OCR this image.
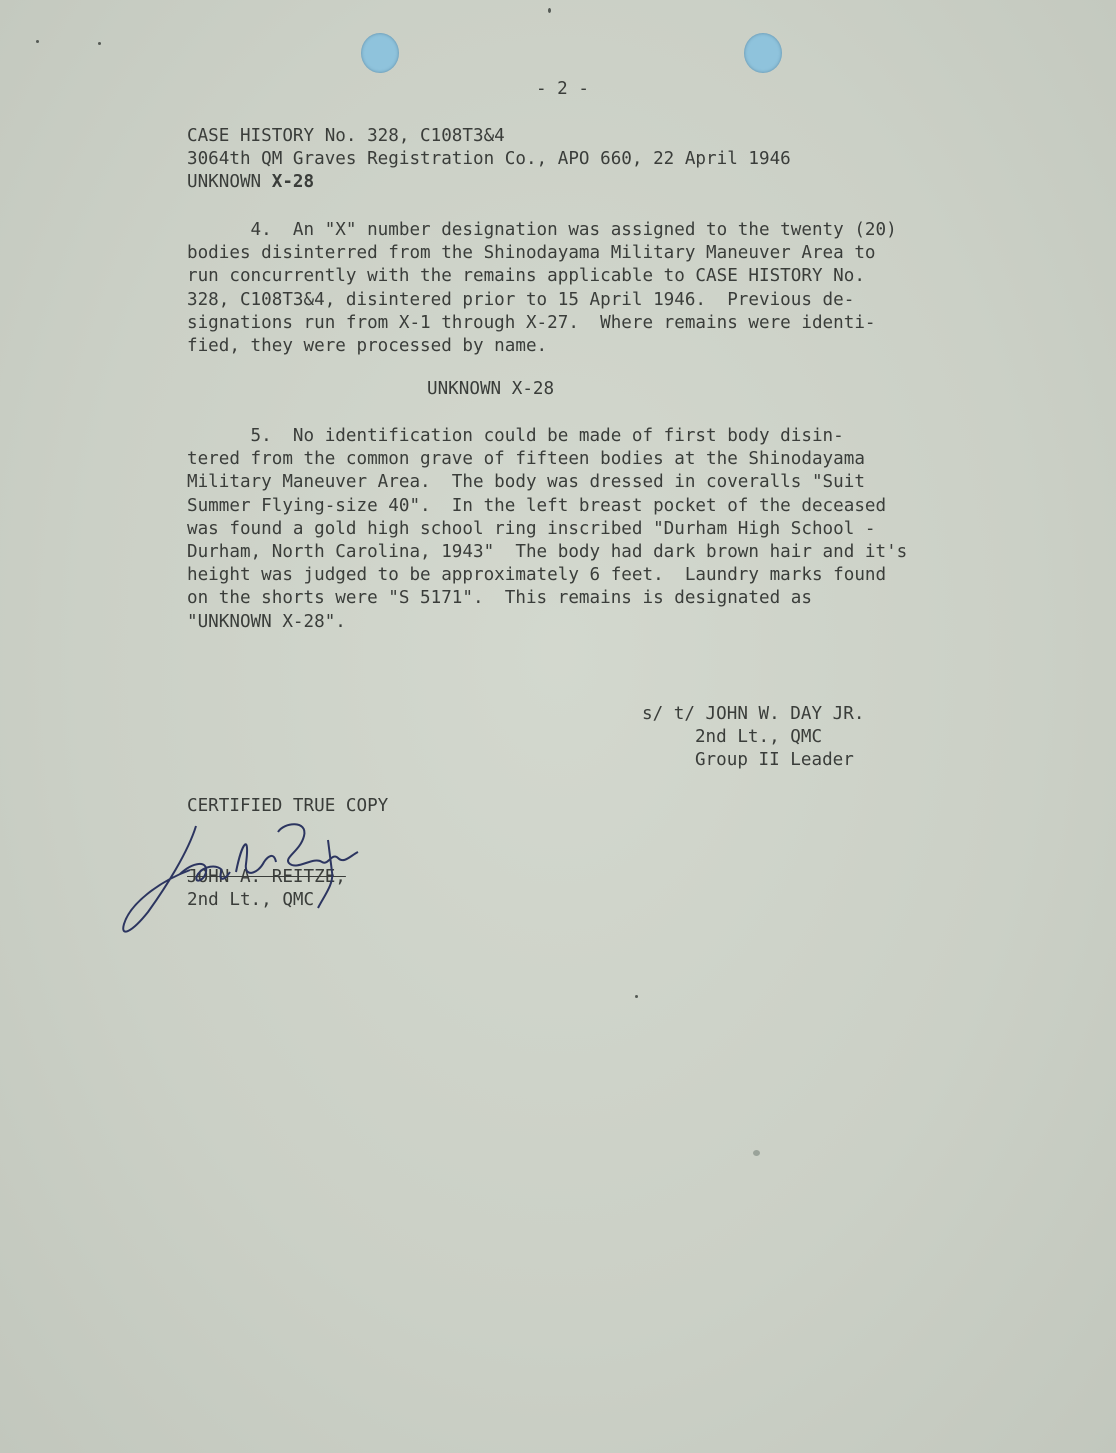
- 2 -
CASE HISTORY No. 328, C108T3&4
3064th QM Graves Registration Co., APO 660, 22 April 1946
UNKNOWN X-28
4.  An "X" number designation was assigned to the twenty (20)
bodies disinterred from the Shinodayama Military Maneuver Area to
run concurrently with the remains applicable to CASE HISTORY No.
328, C108T3&4, disintered prior to 15 April 1946.  Previous de-
signations run from X-1 through X-27.  Where remains were identi-
fied, they were processed by name.
UNKNOWN X-28
5.  No identification could be made of first body disin-
tered from the common grave of fifteen bodies at the Shinodayama
Military Maneuver Area.  The body was dressed in coveralls "Suit
Summer Flying-size 40".  In the left breast pocket of the deceased
was found a gold high school ring inscribed "Durham High School -
Durham, North Carolina, 1943"  The body had dark brown hair and it's
height was judged to be approximately 6 feet.  Laundry marks found
on the shorts were "S 5171".  This remains is designated as
"UNKNOWN X-28".
s/ t/ JOHN W. DAY JR.
2nd Lt., QMC
Group II Leader
CERTIFIED TRUE COPY
JOHN A. REITZE,
2nd Lt., QMC
